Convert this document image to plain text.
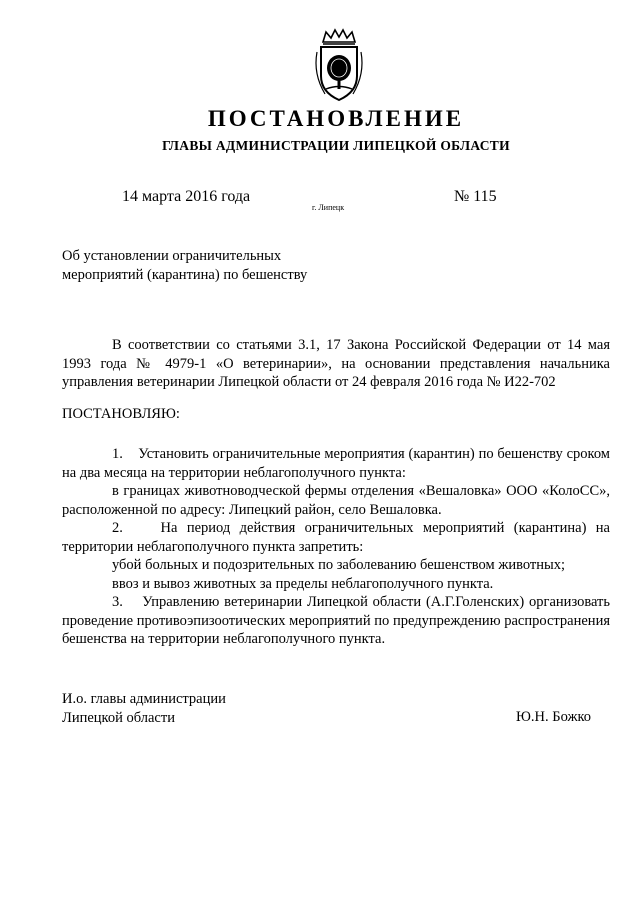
ПОСТАНОВЛЕНИЕ
ГЛАВЫ АДМИНИСТРАЦИИ ЛИПЕЦКОЙ ОБЛАСТИ
14 марта 2016 года
г. Липецк
№ 115
Об установлении ограничительных
мероприятий (карантина) по бешенству

В соответствии со статьями 3.1, 17 Закона Российской Федерации от 14 мая 1993 года № 4979-1 «О ветеринарии», на основании представления начальника управления ветеринарии Липецкой области от 24 февраля 2016 года № И22-702

ПОСТАНОВЛЯЮ:

1.    Установить ограничительные мероприятия (карантин) по бешенству сроком на два месяца на территории неблагополучного пункта:

в границах животноводческой фермы отделения «Вешаловка» ООО «КолоСС», расположенной по адресу: Липецкий район, село Вешаловка.

2.    На период действия ограничительных мероприятий (карантина) на территории неблагополучного пункта запретить:

убой больных и подозрительных по заболеванию бешенством животных;

ввоз и вывоз животных за пределы неблагополучного пункта.

3.    Управлению ветеринарии Липецкой области (А.Г.Голенских) организовать проведение противоэпизоотических мероприятий по предупреждению распространения бешенства на территории неблагополучного пункта.

И.о. главы администрации
Липецкой области	Ю.Н. Божко
